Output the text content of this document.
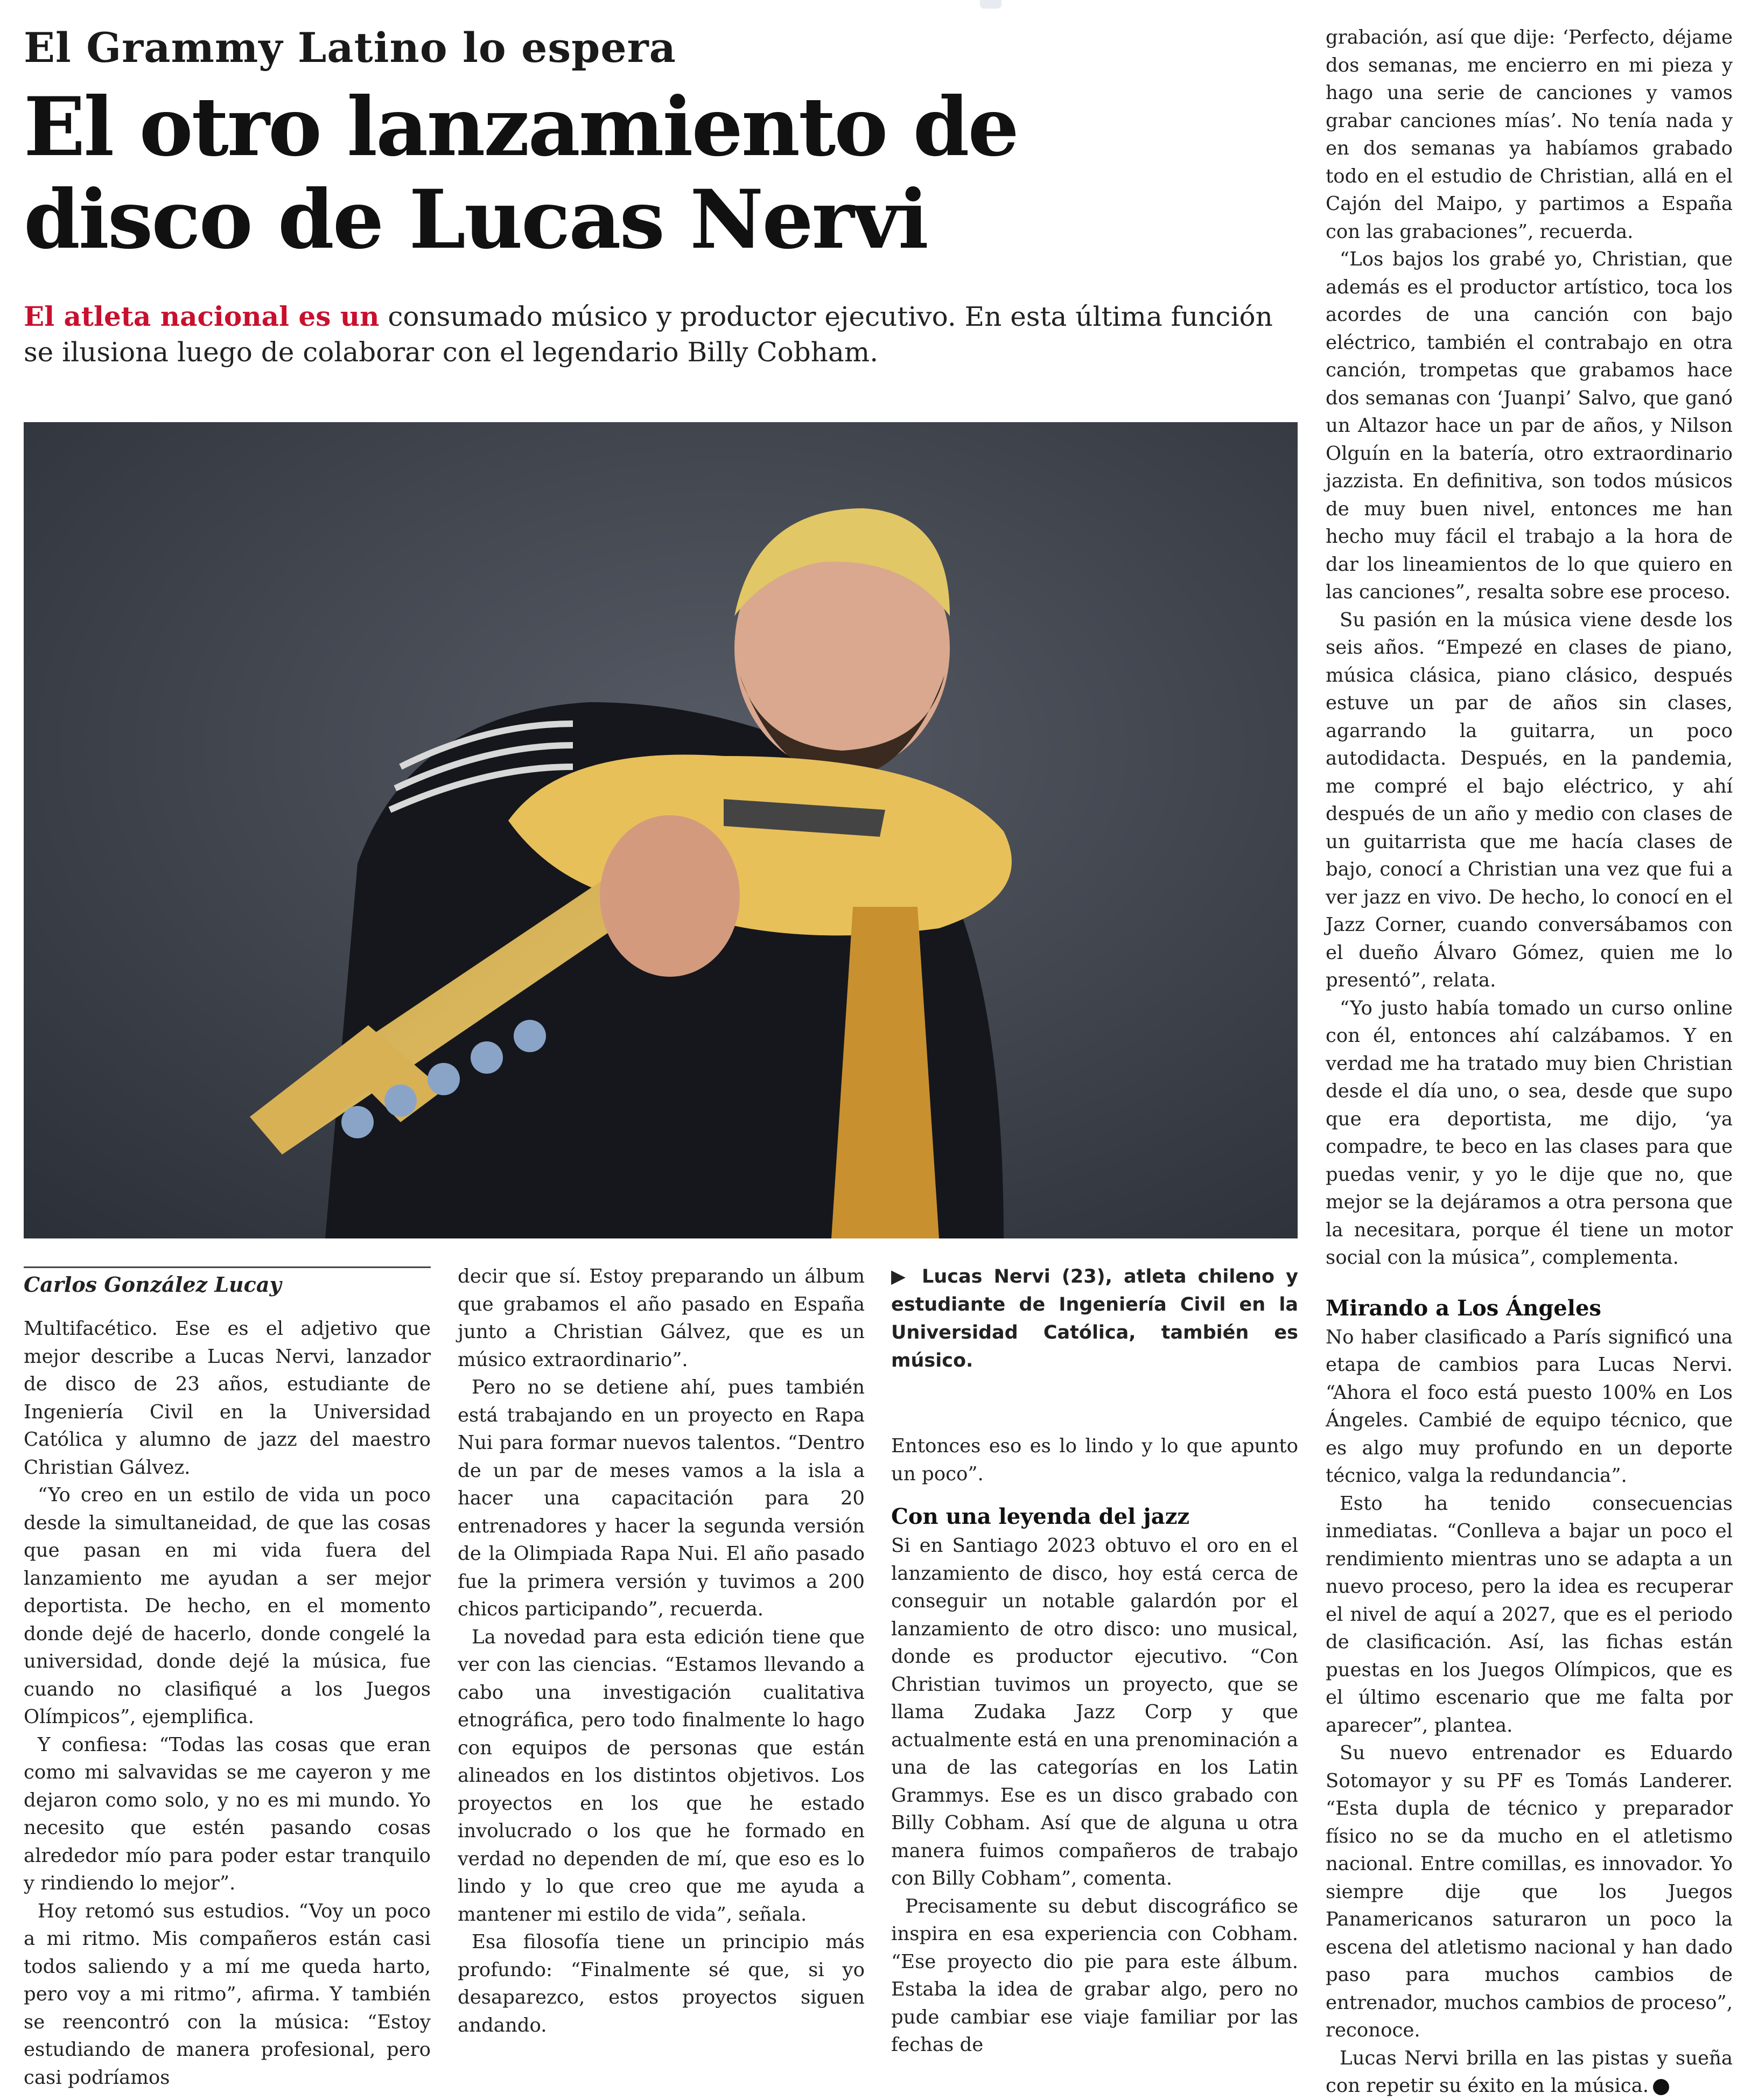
El Grammy Latino lo espera
El otro lanzamiento de disco de Lucas Nervi
El atleta nacional es un consumado músico y productor ejecutivo. En esta última función se ilusiona luego de colaborar con el legendario Billy Cobham.
Carlos González Lucay

Multifacético. Ese es el adjetivo que mejor describe a Lucas Nervi, lanzador de disco de 23 años, estudiante de Ingeniería Civil en la Universidad Católica y alumno de jazz del maestro Christian Gálvez.

“Yo creo en un estilo de vida un poco desde la simultaneidad, de que las cosas que pasan en mi vida fuera del lanzamiento me ayudan a ser mejor deportista. De hecho, en el momento donde dejé de hacerlo, donde congelé la universidad, donde dejé la música, fue cuando no clasifiqué a los Juegos Olímpicos”, ejemplifica.

Y confiesa: “Todas las cosas que eran como mi salvavidas se me cayeron y me dejaron como solo, y no es mi mundo. Yo necesito que estén pasando cosas alrededor mío para poder estar tranquilo y rindiendo lo mejor”.

Hoy retomó sus estudios. “Voy un poco a mi ritmo. Mis compañeros están casi todos saliendo y a mí me queda harto, pero voy a mi ritmo”, afirma. Y también se reencontró con la música: “Estoy estudiando de manera profesional, pero casi podríamos

decir que sí. Estoy preparando un álbum que grabamos el año pasado en España junto a Christian Gálvez, que es un músico extraordinario”.

Pero no se detiene ahí, pues también está trabajando en un proyecto en Rapa Nui para formar nuevos talentos. “Dentro de un par de meses vamos a la isla a hacer una capacitación para 20 entrenadores y hacer la segunda versión de la Olimpiada Rapa Nui. El año pasado fue la primera versión y tuvimos a 200 chicos participando”, recuerda.

La novedad para esta edición tiene que ver con las ciencias. “Estamos llevando a cabo una investigación cualitativa etnográfica, pero todo finalmente lo hago con equipos de personas que están alineados en los distintos objetivos. Los proyectos en los que he estado involucrado o los que he formado en verdad no dependen de mí, que eso es lo lindo y lo que creo que me ayuda a mantener mi estilo de vida”, señala.

Esa filosofía tiene un principio más profundo: “Finalmente sé que, si yo desaparezco, estos proyectos siguen andando.

▶ Lucas Nervi (23), atleta chileno y estudiante de Ingeniería Civil en la Universidad Católica, también es músico.

Entonces eso es lo lindo y lo que apunto un poco”.

Con una leyenda del jazz

Si en Santiago 2023 obtuvo el oro en el lanzamiento de disco, hoy está cerca de conseguir un notable galardón por el lanzamiento de otro disco: uno musical, donde es productor ejecutivo. “Con Christian tuvimos un proyecto, que se llama Zudaka Jazz Corp y que actualmente está en una prenominación a una de las categorías en los Latin Grammys. Ese es un disco grabado con Billy Cobham. Así que de alguna u otra manera fuimos compañeros de trabajo con Billy Cobham”, comenta.

Precisamente su debut discográfico se inspira en esa experiencia con Cobham. “Ese proyecto dio pie para este álbum. Estaba la idea de grabar algo, pero no pude cambiar ese viaje familiar por las fechas de

grabación, así que dije: ‘Perfecto, déjame dos semanas, me encierro en mi pieza y hago una serie de canciones y vamos grabar canciones mías’. No tenía nada y en dos semanas ya habíamos grabado todo en el estudio de Christian, allá en el Cajón del Maipo, y partimos a España con las grabaciones”, recuerda.

“Los bajos los grabé yo, Christian, que además es el productor artístico, toca los acordes de una canción con bajo eléctrico, también el contrabajo en otra canción, trompetas que grabamos hace dos semanas con ‘Juanpi’ Salvo, que ganó un Altazor hace un par de años, y Nilson Olguín en la batería, otro extraordinario jazzista. En definitiva, son todos músicos de muy buen nivel, entonces me han hecho muy fácil el trabajo a la hora de dar los lineamientos de lo que quiero en las canciones”, resalta sobre ese proceso.

Su pasión en la música viene desde los seis años. “Empezé en clases de piano, música clásica, piano clásico, después estuve un par de años sin clases, agarrando la guitarra, un poco autodidacta. Después, en la pandemia, me compré el bajo eléctrico, y ahí después de un año y medio con clases de un guitarrista que me hacía clases de bajo, conocí a Christian una vez que fui a ver jazz en vivo. De hecho, lo conocí en el Jazz Corner, cuando conversábamos con el dueño Álvaro Gómez, quien me lo presentó”, relata.

“Yo justo había tomado un curso online con él, entonces ahí calzábamos. Y en verdad me ha tratado muy bien Christian desde el día uno, o sea, desde que supo que era deportista, me dijo, ‘ya compadre, te beco en las clases para que puedas venir, y yo le dije que no, que mejor se la dejáramos a otra persona que la necesitara, porque él tiene un motor social con la música”, complementa.

Mirando a Los Ángeles

No haber clasificado a París significó una etapa de cambios para Lucas Nervi. “Ahora el foco está puesto 100% en Los Ángeles. Cambié de equipo técnico, que es algo muy profundo en un deporte técnico, valga la redundancia”.

Esto ha tenido consecuencias inmediatas. “Conlleva a bajar un poco el rendimiento mientras uno se adapta a un nuevo proceso, pero la idea es recuperar el nivel de aquí a 2027, que es el periodo de clasificación. Así, las fichas están puestas en los Juegos Olímpicos, que es el último escenario que me falta por aparecer”, plantea.

Su nuevo entrenador es Eduardo Sotomayor y su PF es Tomás Landerer. “Esta dupla de técnico y preparador físico no se da mucho en el atletismo nacional. Entre comillas, es innovador. Yo siempre dije que los Juegos Panamericanos saturaron un poco la escena del atletismo nacional y han dado paso para muchos cambios de entrenador, muchos cambios de proceso”, reconoce.

Lucas Nervi brilla en las pistas y sueña con repetir su éxito en la música.
